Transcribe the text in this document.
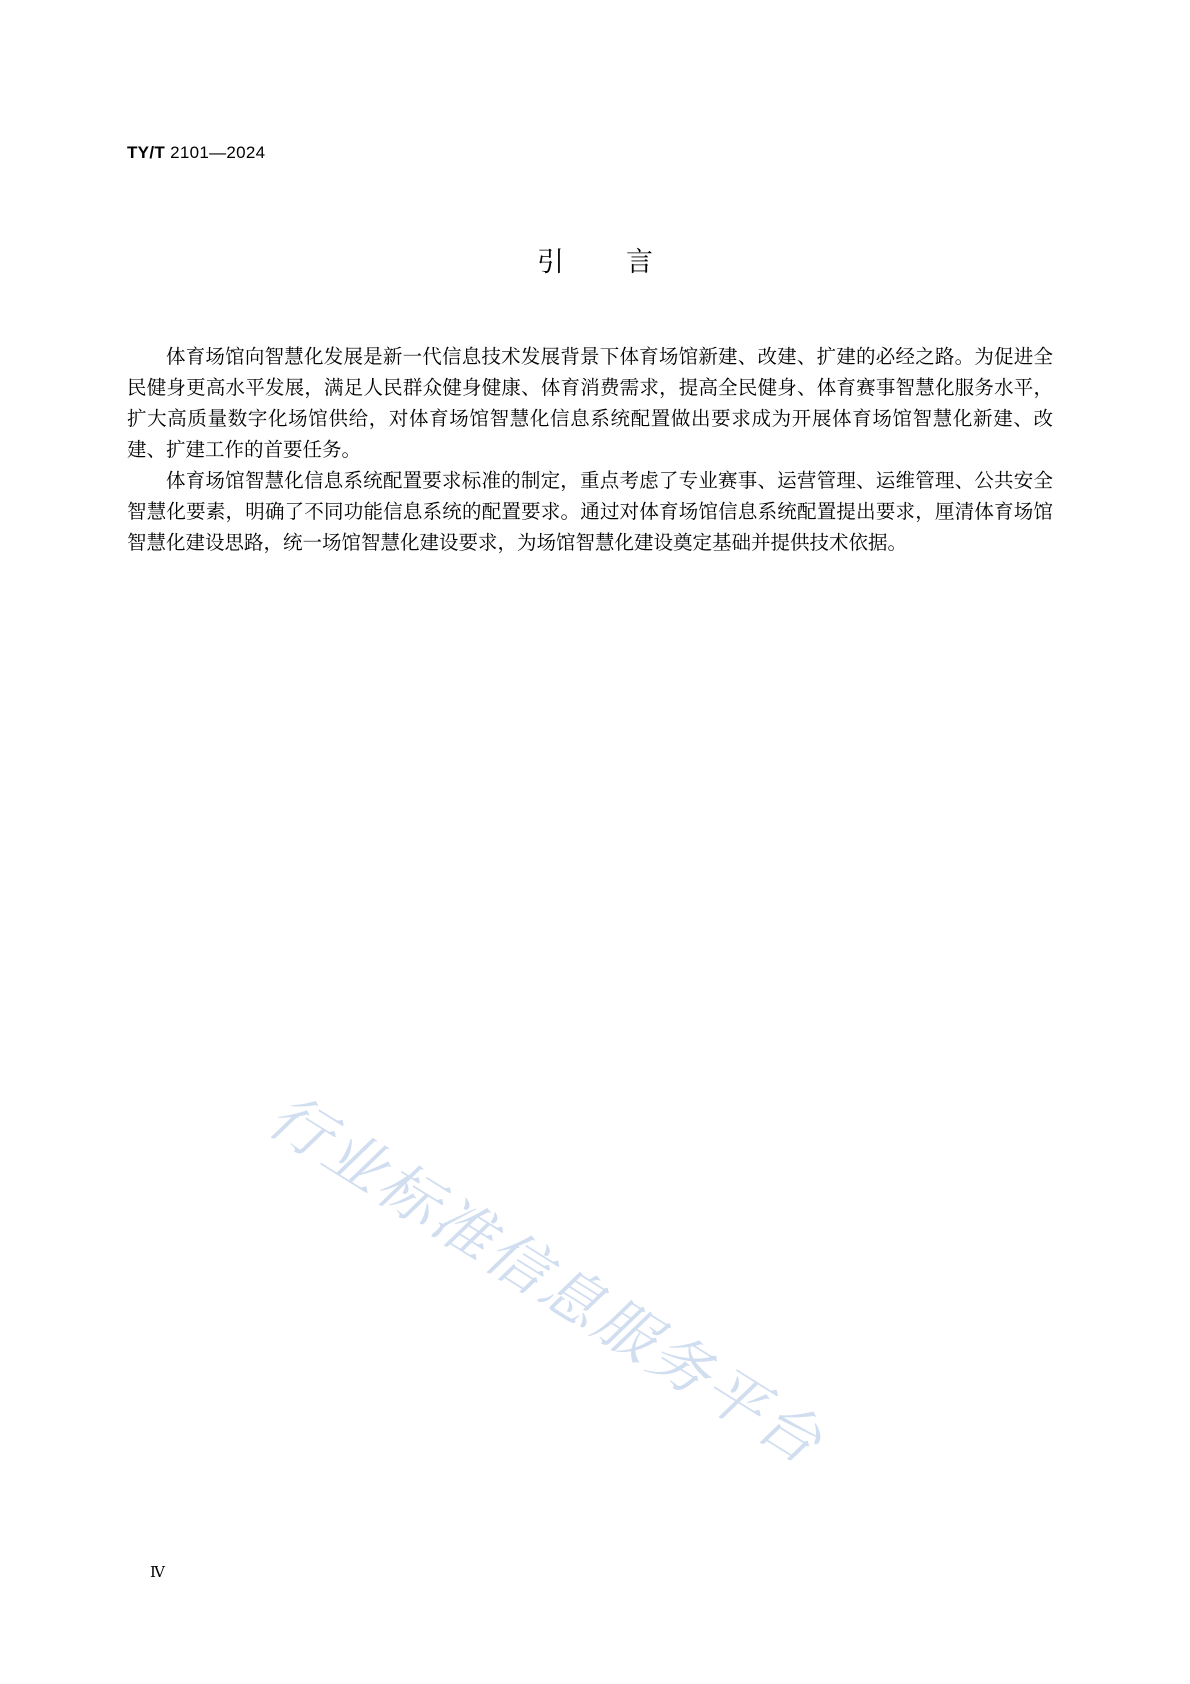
TY/T 2101—2024
引言

体育场馆向智慧化发展是新一代信息技术发展背景下体育场馆新建、改建、扩建的必经之路。为促进全民健身更高水平发展，满足人民群众健身健康、体育消费需求，提高全民健身、体育赛事智慧化服务水平，扩大高质量数字化场馆供给，对体育场馆智慧化信息系统配置做出要求成为开展体育场馆智慧化新建、改建、扩建工作的首要任务。

体育场馆智慧化信息系统配置要求标准的制定，重点考虑了专业赛事、运营管理、运维管理、公共安全智慧化要素，明确了不同功能信息系统的配置要求。通过对体育场馆信息系统配置提出要求，厘清体育场馆智慧化建设思路，统一场馆智慧化建设要求，为场馆智慧化建设奠定基础并提供技术依据。

行业标准信息服务平台
Ⅳ
